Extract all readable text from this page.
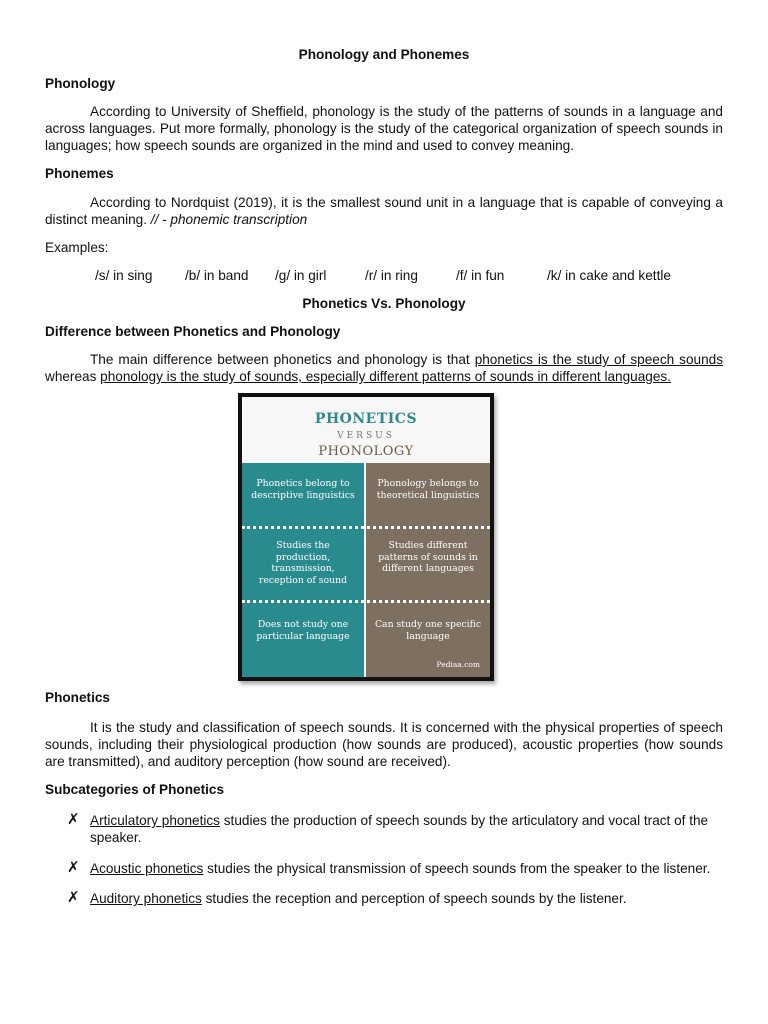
Phonology and Phonemes
Phonology
According to University of Sheffield, phonology is the study of the patterns of sounds in a language and across languages. Put more formally, phonology is the study of the categorical organization of speech sounds in languages; how speech sounds are organized in the mind and used to convey meaning.
Phonemes
According to Nordquist (2019), it is the smallest sound unit in a language that is capable of conveying a distinct meaning. // - phonemic transcription
Examples:
/s/ in sing /b/ in band /g/ in girl	/r/ in ring	/f/ in fun	/k/ in cake and kettle
Phonetics Vs. Phonology
Difference between Phonetics and Phonology
The main difference between phonetics and phonology is that phonetics is the study of speech sounds whereas phonology is the study of sounds, especially different patterns of sounds in different languages.
PHONETICS
VERSUS
PHONOLOGY
Phonetics belong to descriptive linguistics
Phonology belongs to theoretical linguistics
Studies the production, transmission, reception of sound
Studies different patterns of sounds in different languages
Does not study one particular language
Can study one specific language
Pediaa.com
Phonetics
It is the study and classification of speech sounds. It is concerned with the physical properties of speech sounds, including their physiological production (how sounds are produced), acoustic properties (how sounds are transmitted), and auditory perception (how sound are received).
Subcategories of Phonetics
✗ Articulatory phonetics studies the production of speech sounds by the articulatory and vocal tract of the speaker.
✗ Acoustic phonetics studies the physical transmission of speech sounds from the speaker to the listener.
✗ Auditory phonetics studies the reception and perception of speech sounds by the listener.
